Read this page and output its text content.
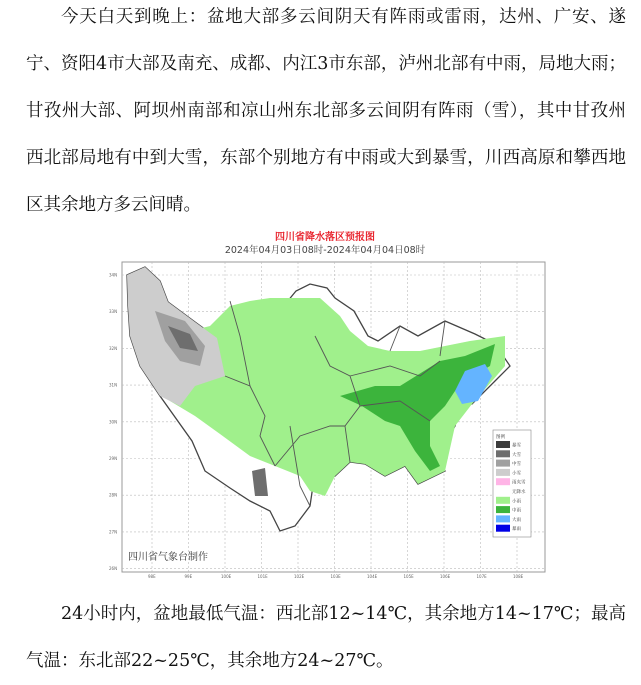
今天白天到晚上：盆地大部多云间阴天有阵雨或雷雨，达州、广安、遂宁、资阳4市大部及南充、成都、内江3市东部，泸州北部有中雨，局地大雨；甘孜州大部、阿坝州南部和凉山州东北部多云间阴有阵雨（雪），其中甘孜州西北部局地有中到大雪，东部个别地方有中雨或大到暴雪，川西高原和攀西地区其余地方多云间晴。
34N
33N
32N
31N
30N
29N
28N
27N
26N
98E	99E	100E	101E	102E	103E	104E	105E	106E	107E	108E
图例
暴雪
大雪
中雪
小雪
雨夹雪
无降水
小雨
中雨
大雨
暴雨
四川省降水落区预报图
2024年04月03日08时-2024年04月04日08时
四川省气象台制作
24小时内，盆地最低气温：西北部12~14℃，其余地方14~17℃；最高气温：东北部22~25℃，其余地方24~27℃。
